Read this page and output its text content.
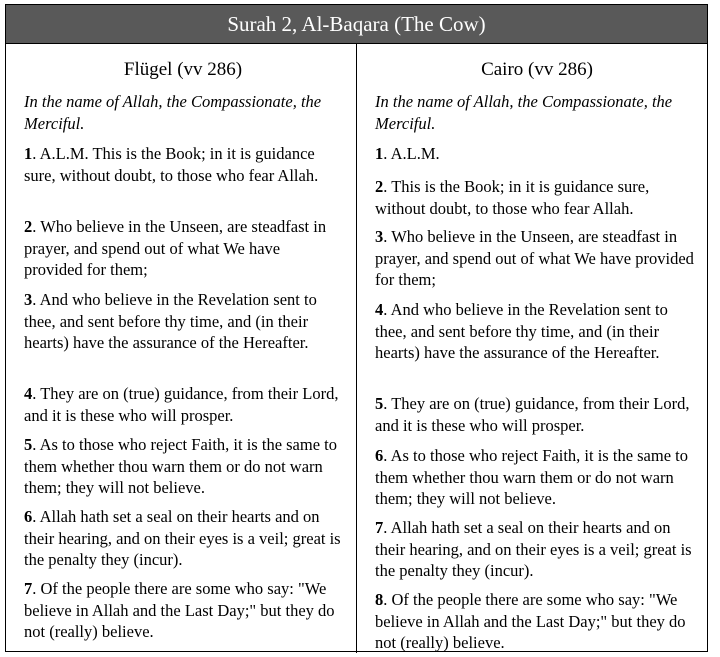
Surah 2, Al-Baqara (The Cow)
Flügel (vv 286)
In the name of Allah, the Compassionate, the Merciful.
1. A.L.M. This is the Book; in it is guidance sure, without doubt, to those who fear Allah.
2. Who believe in the Unseen, are steadfast in prayer, and spend out of what We have provided for them;
3. And who believe in the Revelation sent to thee, and sent before thy time, and (in their hearts) have the assurance of the Hereafter.
4. They are on (true) guidance, from their Lord, and it is these who will prosper.
5. As to those who reject Faith, it is the same to them whether thou warn them or do not warn them; they will not believe.
6. Allah hath set a seal on their hearts and on their hearing, and on their eyes is a veil; great is the penalty they (incur).
7. Of the people there are some who say: "We believe in Allah and the Last Day;" but they do not (really) believe.
Cairo (vv 286)
In the name of Allah, the Compassionate, the Merciful.
1. A.L.M.
2. This is the Book; in it is guidance sure, without doubt, to those who fear Allah.
3. Who believe in the Unseen, are steadfast in prayer, and spend out of what We have provided for them;
4. And who believe in the Revelation sent to thee, and sent before thy time, and (in their hearts) have the assurance of the Hereafter.
5. They are on (true) guidance, from their Lord, and it is these who will prosper.
6. As to those who reject Faith, it is the same to them whether thou warn them or do not warn them; they will not believe.
7. Allah hath set a seal on their hearts and on their hearing, and on their eyes is a veil; great is the penalty they (incur).
8. Of the people there are some who say: "We believe in Allah and the Last Day;" but they do not (really) believe.
